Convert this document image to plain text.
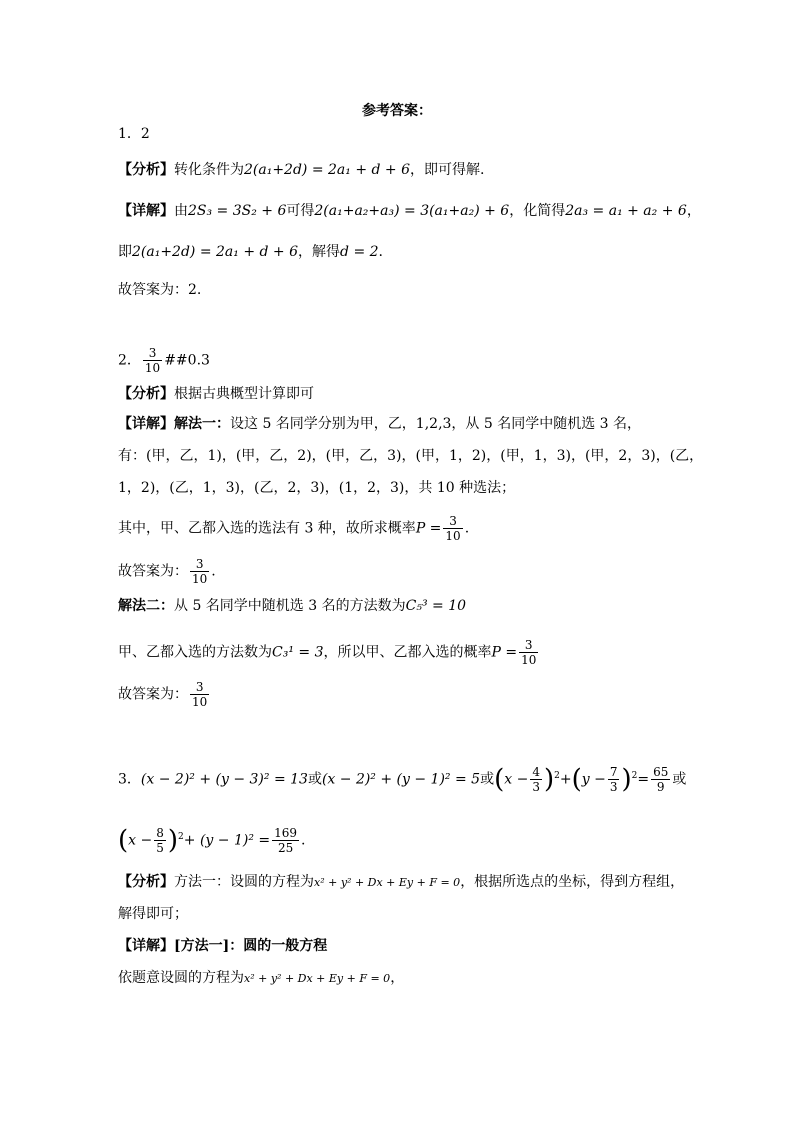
参考答案：
1．2
【分析】转化条件为2(a₁+2d) = 2a₁ + d + 6，即可得解.
【详解】由2S₃ = 3S₂ + 6可得2(a₁+a₂+a₃) = 3(a₁+a₂) + 6，化简得2a₃ = a₁ + a₂ + 6，
即2(a₁+2d) = 2a₁ + d + 6，解得d = 2.
故答案为：2.
2． $\frac{3}{10}$ ##0.3
【分析】根据古典概型计算即可
【详解】解法一：设这 5 名同学分别为甲，乙，1,2,3，从 5 名同学中随机选 3 名，
有：(甲，乙，1)，(甲，乙，2)，(甲，乙，3)，(甲，1，2)，(甲，1，3)，(甲，2，3)，(乙，
1，2)，(乙，1，3)，(乙，2，3)，(1，2，3)，共 10 种选法；
其中，甲、乙都入选的选法有 3 种，故所求概率$P = \frac{3}{10}$ .
故答案为： $\frac{3}{10}$ .
解法二：从 5 名同学中随机选 3 名的方法数为C₅³ = 10
甲、乙都入选的方法数为C₃¹ = 3，所以甲、乙都入选的概率$P = \frac{3}{10}$
故答案为： $\frac{3}{10}$
3．(x − 2)² + (y − 3)² = 13或(x − 2)² + (y − 1)² = 5或$(x - \frac{4}{3} )^2+(y - \frac{7}{3} )^2= \frac{65}{9}$ 或
$(x - \frac{8}{5} )^2+ (y - 1)^2 = \frac{169}{25}$ .
【分析】方法一：设圆的方程为x² + y² + Dx + Ey + F = 0，根据所选点的坐标，得到方程组，
解得即可；
【详解】[方法一]：圆的一般方程
依题意设圆的方程为x² + y² + Dx + Ey + F = 0，
